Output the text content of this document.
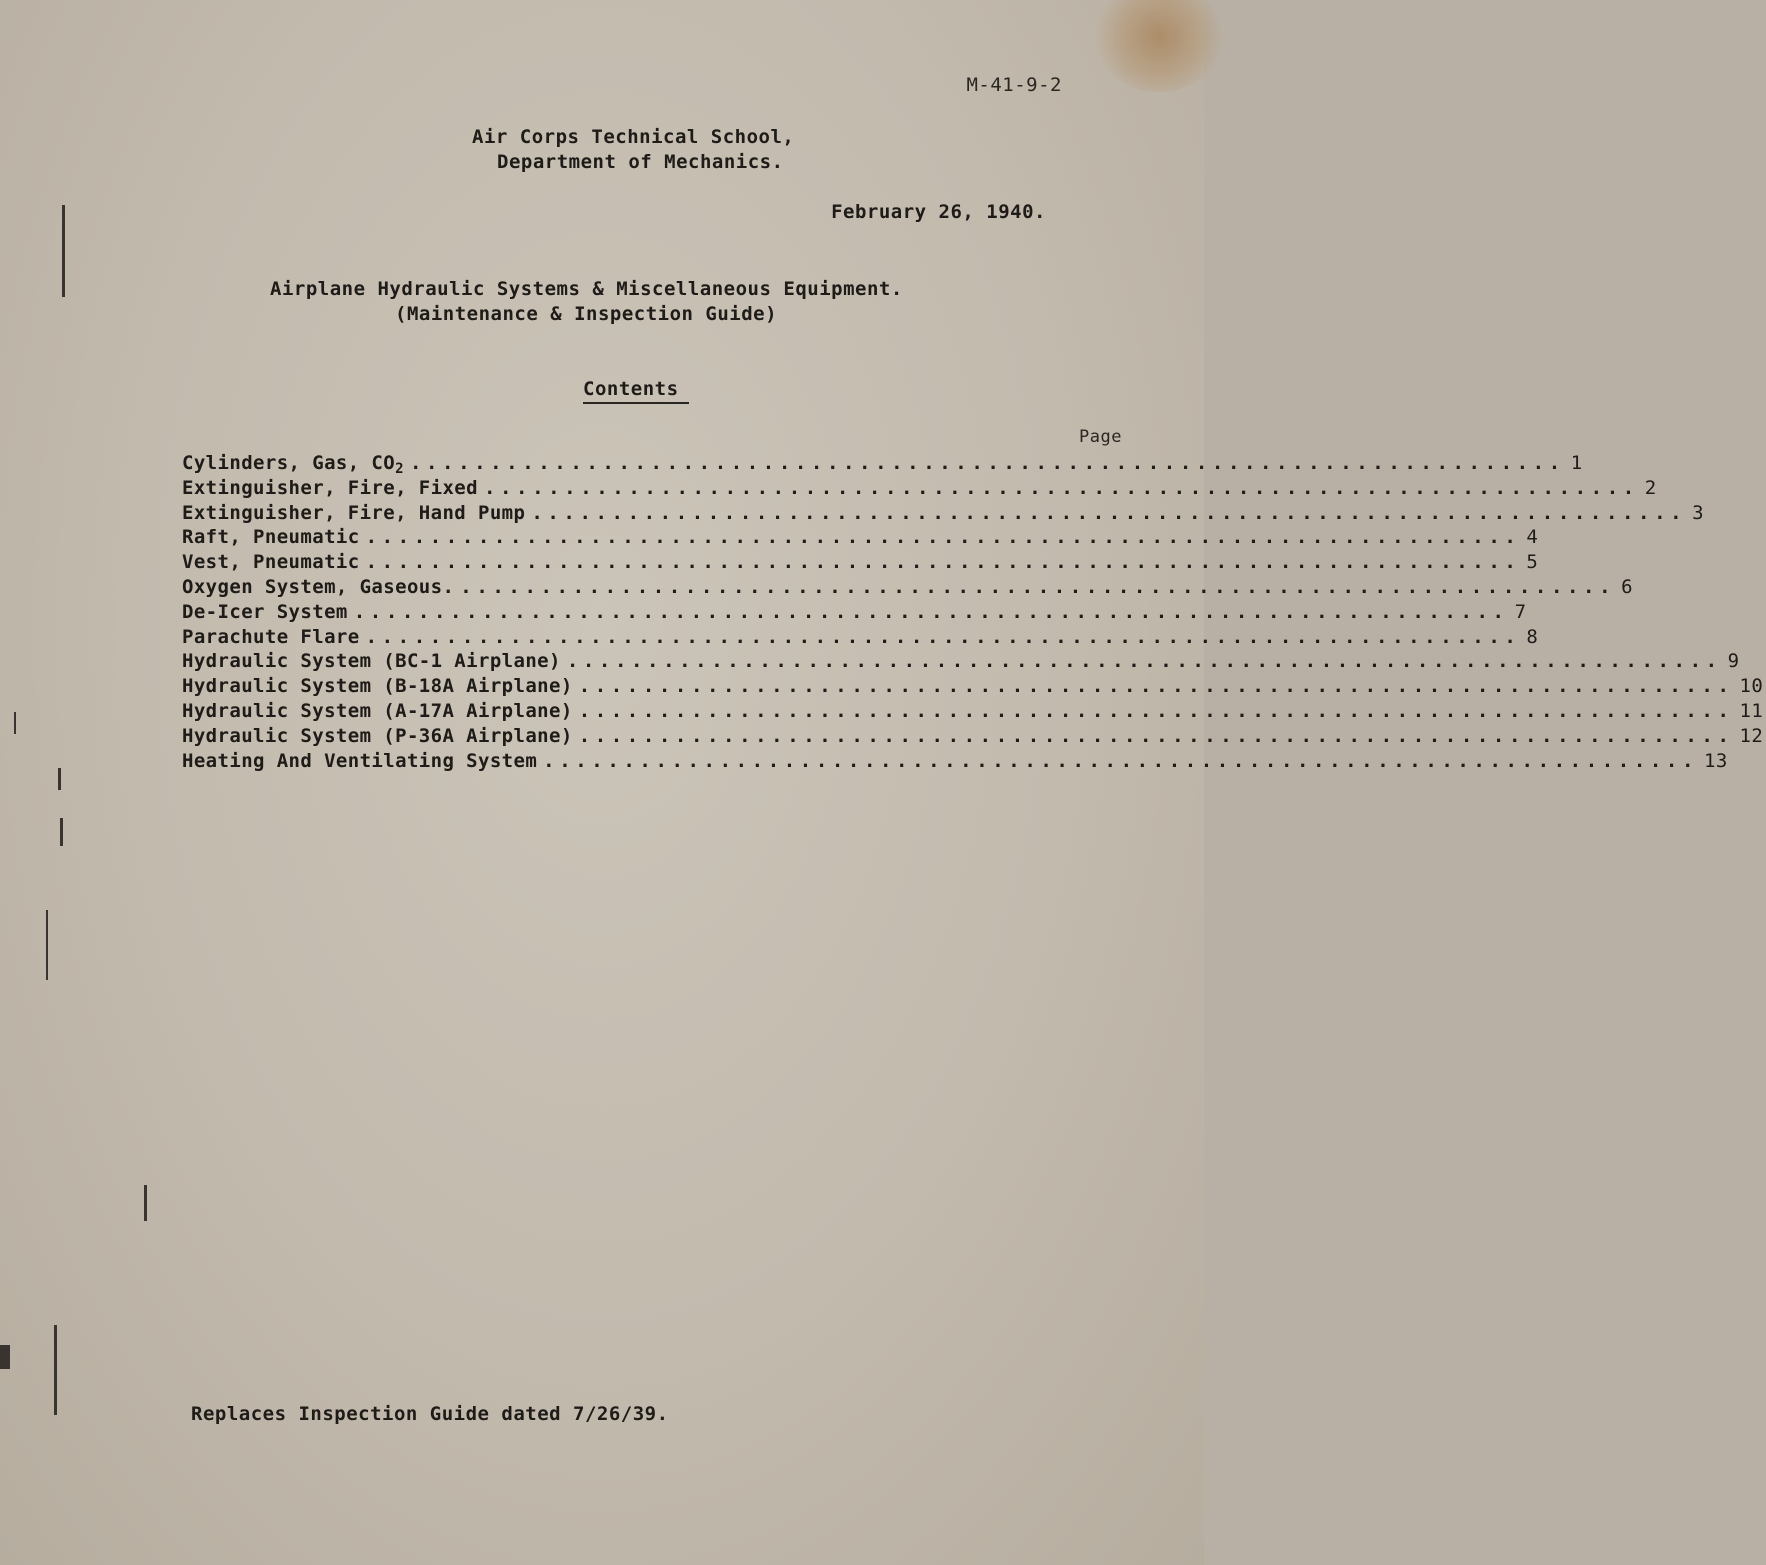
M-41-9-2
Air Corps Technical School,
Department of Mechanics.
February 26, 1940.
Airplane Hydraulic Systems & Miscellaneous Equipment.
(Maintenance & Inspection Guide)
Contents
Page
Cylinders, Gas, $CO_2$ ........................................................................ 1
Extinguisher, Fire, Fixed ........................................................................ 2
Extinguisher, Fire, Hand Pump ........................................................................ 3
Raft, Pneumatic ........................................................................ 4
Vest, Pneumatic ........................................................................ 5
Oxygen System, Gaseous. ........................................................................ 6
De-Icer System ........................................................................ 7
Parachute Flare ........................................................................ 8
Hydraulic System (BC-1 Airplane) ........................................................................ 9
Hydraulic System (B-18A Airplane) ........................................................................ 10
Hydraulic System (A-17A Airplane) ........................................................................ 11
Hydraulic System (P-36A Airplane) ........................................................................ 12
Heating And Ventilating System ........................................................................ 13
Replaces Inspection Guide dated 7/26/39.
